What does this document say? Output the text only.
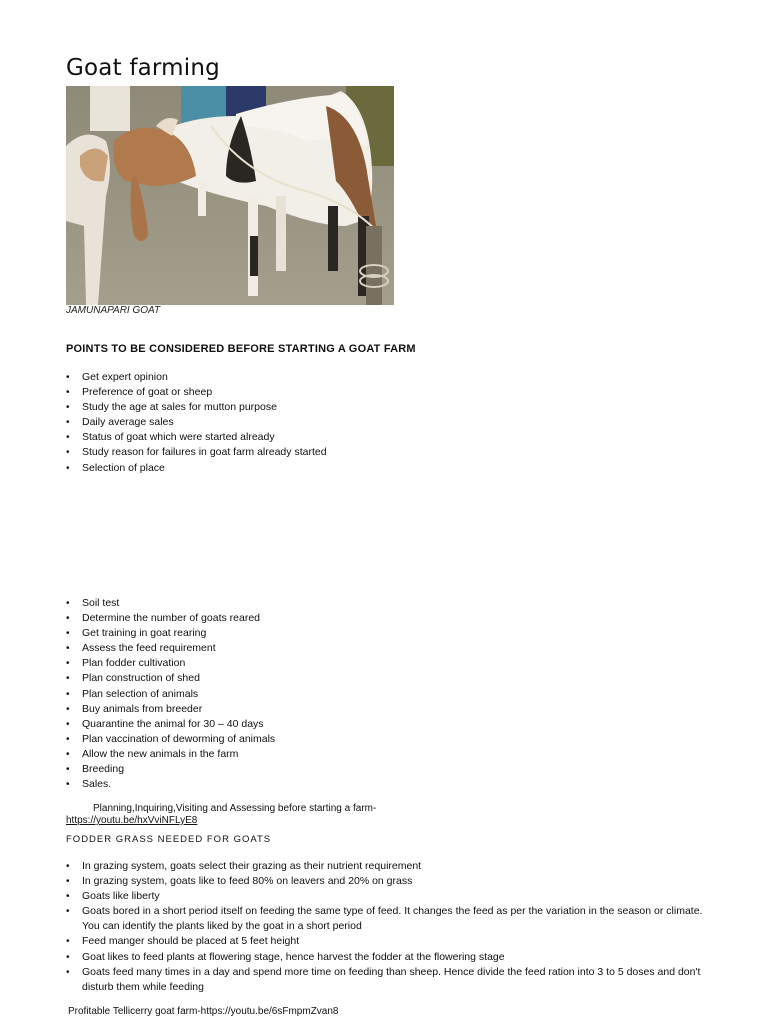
Goat farming
JAMUNAPARI GOAT
POINTS TO BE CONSIDERED BEFORE STARTING A GOAT FARM
• Get expert opinion
• Preference of goat or sheep
• Study the age at sales for mutton purpose
• Daily average sales
• Status of goat which were started already
• Study reason for failures in goat farm already started
• Selection of place
• Soil test
• Determine the number of goats reared
• Get training in goat rearing
• Assess the feed requirement
• Plan fodder cultivation
• Plan construction of shed
• Plan selection of animals
• Buy animals from breeder
• Quarantine the animal for 30 – 40 days
• Plan vaccination of deworming of animals
• Allow the new animals in the farm
• Breeding
• Sales.
Planning,Inquiring,Visiting and Assessing before starting a farm-
https://youtu.be/hxVviNFLyE8
FODDER GRASS NEEDED FOR GOATS
• In grazing system, goats select their grazing as their nutrient requirement
• In grazing system, goats like to feed 80% on leavers and 20% on grass
• Goats like liberty
• Goats bored in a short period itself on feeding the same type of feed. It changes the feed as per the variation in the season or climate. You can identify the plants liked by the goat in a short period
• Feed manger should be placed at 5 feet height
• Goat likes to feed plants at flowering stage, hence harvest the fodder at the flowering stage
• Goats feed many times in a day and spend more time on feeding than sheep. Hence divide the feed ration into 3 to 5 doses and don't disturb them while feeding
Profitable Tellicerry goat farm-https://youtu.be/6sFmpmZvan8
